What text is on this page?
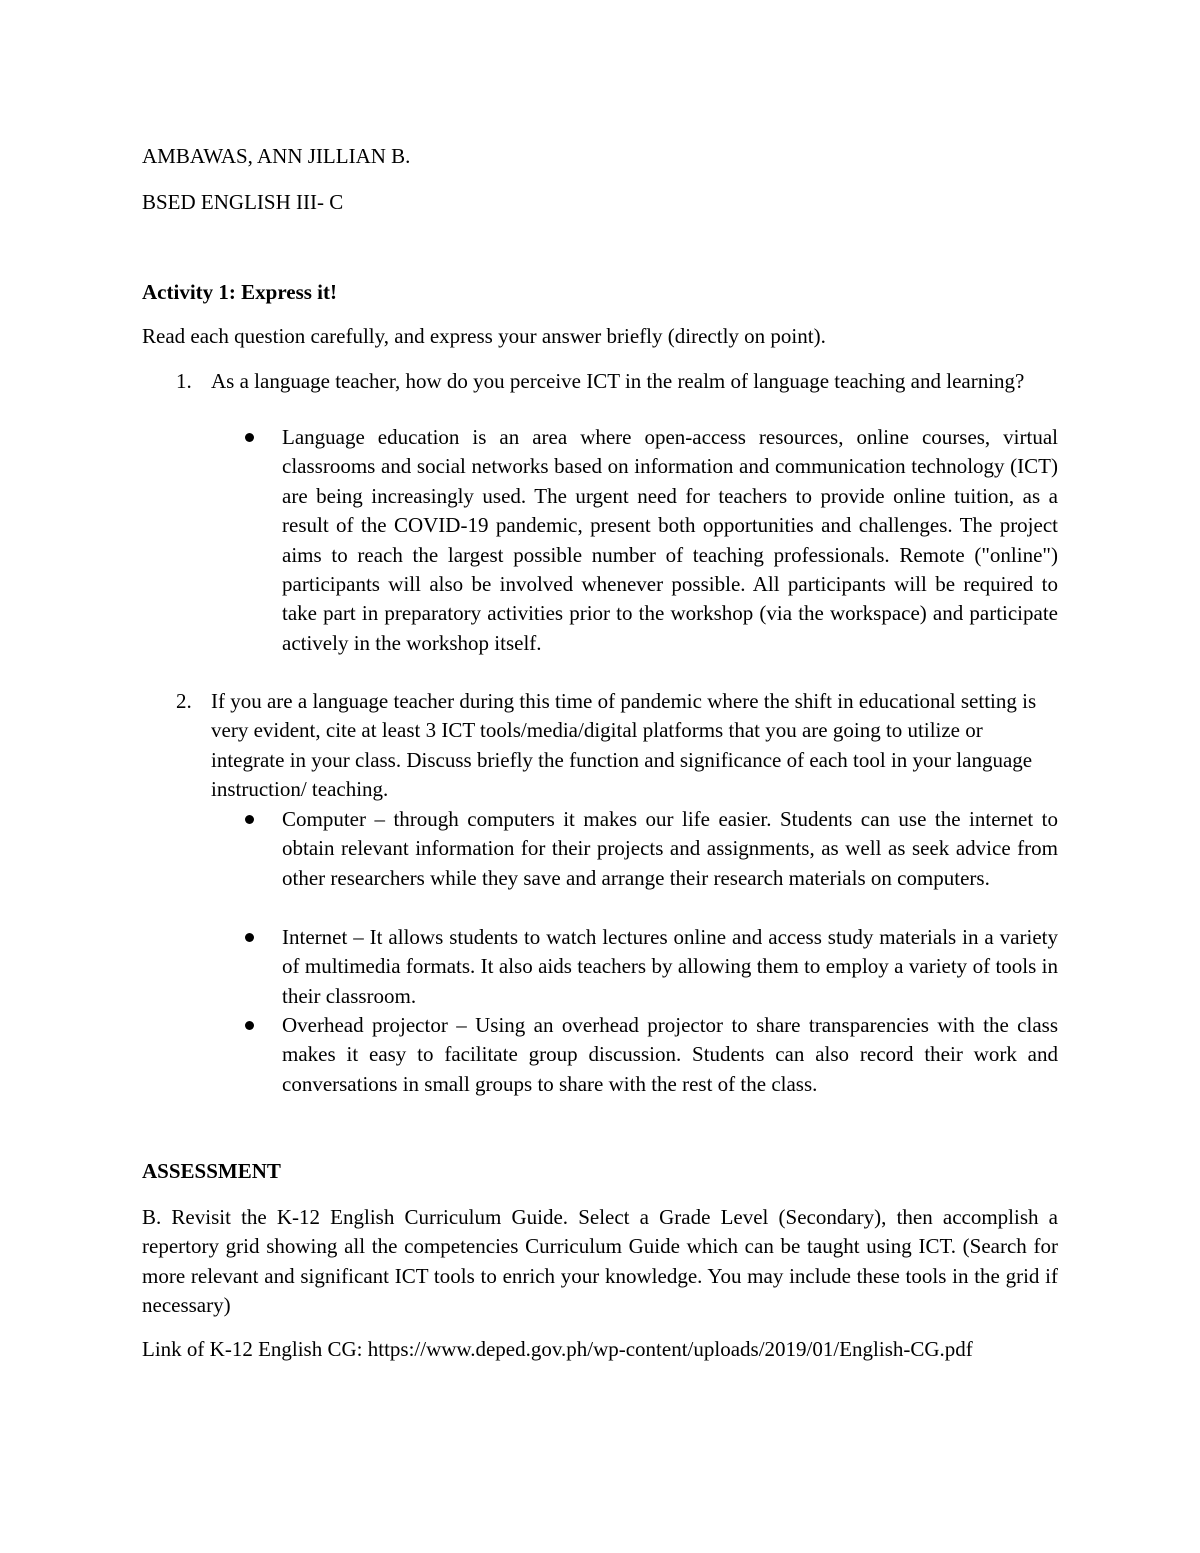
AMBAWAS, ANN JILLIAN B.

BSED ENGLISH III- C

Activity 1: Express it!

Read each question carefully, and express your answer briefly (directly on point).

1. As a language teacher, how do you perceive ICT in the realm of language teaching and learning?

Language education is an area where open-access resources, online courses, virtual classrooms and social networks based on information and communication technology (ICT) are being increasingly used. The urgent need for teachers to provide online tuition, as a result of the COVID-19 pandemic, present both opportunities and challenges. The project aims to reach the largest possible number of teaching professionals. Remote ("online") participants will also be involved whenever possible. All participants will be required to take part in preparatory activities prior to the workshop (via the workspace) and participate actively in the workshop itself.

2. If you are a language teacher during this time of pandemic where the shift in educational setting is very evident, cite at least 3 ICT tools/media/digital platforms that you are going to utilize or integrate in your class. Discuss briefly the function and significance of each tool in your language instruction/ teaching.

Computer – through computers it makes our life easier. Students can use the internet to obtain relevant information for their projects and assignments, as well as seek advice from other researchers while they save and arrange their research materials on computers.

Internet – It allows students to watch lectures online and access study materials in a variety of multimedia formats. It also aids teachers by allowing them to employ a variety of tools in their classroom.

Overhead projector – Using an overhead projector to share transparencies with the class makes it easy to facilitate group discussion. Students can also record their work and conversations in small groups to share with the rest of the class.

ASSESSMENT

B. Revisit the K-12 English Curriculum Guide. Select a Grade Level (Secondary), then accomplish a repertory grid showing all the competencies Curriculum Guide which can be taught using ICT. (Search for more relevant and significant ICT tools to enrich your knowledge. You may include these tools in the grid if necessary)

Link of K-12 English CG: https://www.deped.gov.ph/wp-content/uploads/2019/01/English-CG.pdf
